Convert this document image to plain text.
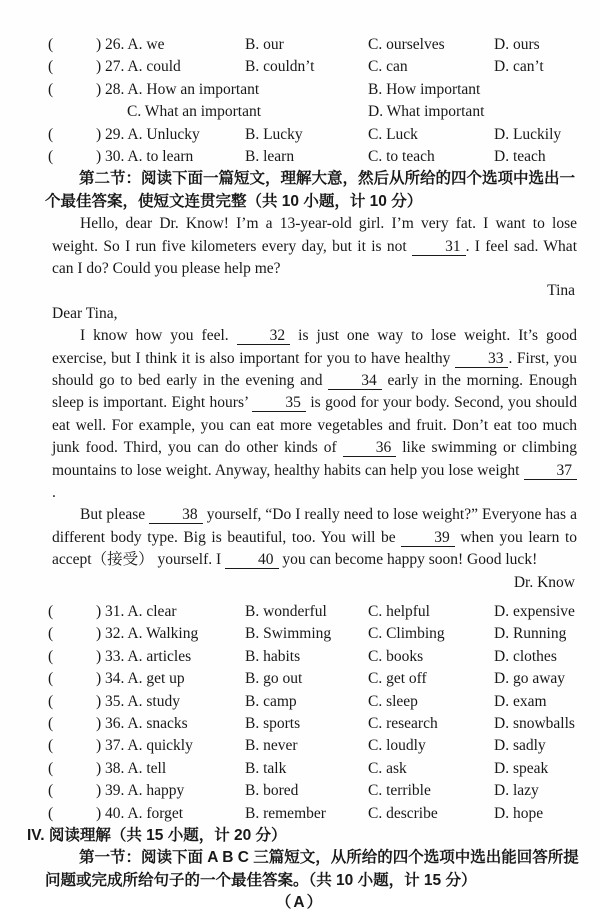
(	) 26. A. we	B. our	C. ourselves	D. ours
(	) 27. A. could	B. couldn’t	C. can	D. can’t
(	) 28. A. How an important	B. How important
C. What an important	D. What important
(	) 29. A. Unlucky	B. Lucky	C. Luck	D. Luckily
(	) 30. A. to learn	B. learn	C. to teach	D. teach

第二节：阅读下面一篇短文，理解大意，然后从所给的四个选项中选出一个最佳答案，使短文连贯完整（共 10 小题，计 10 分）

Hello, dear Dr. Know! I’m a 13-year-old girl. I’m very fat. I want to lose weight. So I run five kilometers every day, but it is not 31 . I feel sad. What can I do? Could you please help me?

Tina

Dear Tina,

I know how you feel. 32 is just one way to lose weight. It’s good exercise, but I think it is also important for you to have healthy 33 . First, you should go to bed early in the evening and 34 early in the morning. Enough sleep is important. Eight hours’ 35 is good for your body. Second, you should eat well. For example, you can eat more vegetables and fruit. Don’t eat too much junk food. Third, you can do other kinds of 36 like swimming or climbing mountains to lose weight. Anyway, healthy habits can help you lose weight 37.

But please 38 yourself, “Do I really need to lose weight?” Everyone has a different body type. Big is beautiful, too. You will be 39 when you learn to accept（接受） yourself. I 40 you can become happy soon! Good luck!

Dr. Know

(	) 31. A. clear	B. wonderful	C. helpful	D. expensive
(	) 32. A. Walking	B. Swimming C. Climbing	D. Running
(	) 33. A. articles	B. habits	C. books	D. clothes
(	) 34. A. get up	B. go out	C. get off	D. go away
(	) 35. A. study	B. camp	C. sleep	D. exam
(	) 36. A. snacks	B. sports	C. research	D. snowballs
(	) 37. A. quickly	B. never	C. loudly	D. sadly
(	) 38. A. tell	B. talk	C. ask	D. speak
(	) 39. A. happy	B. bored	C. terrible	D. lazy
(	) 40. A. forget	B. remember	C. describe	D. hope

IV. 阅读理解（共 15 小题，计 20 分）

第一节：阅读下面 A B C 三篇短文，从所给的四个选项中选出能回答所提问题或完成所给句子的一个最佳答案。（共 10 小题，计 15 分）

（A）
